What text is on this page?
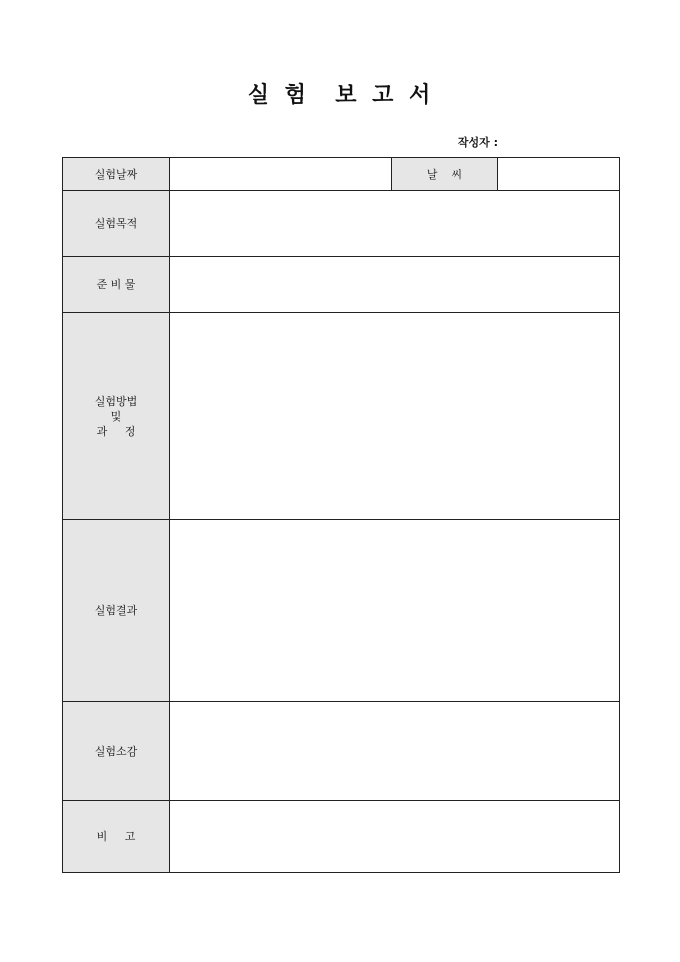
실 험  보 고 서
작성자 :
실험날짜		날    씨	
실험목적			
준 비 물			

실험방법
및
과     정			

실험결과			
실험소감			
비     고			
